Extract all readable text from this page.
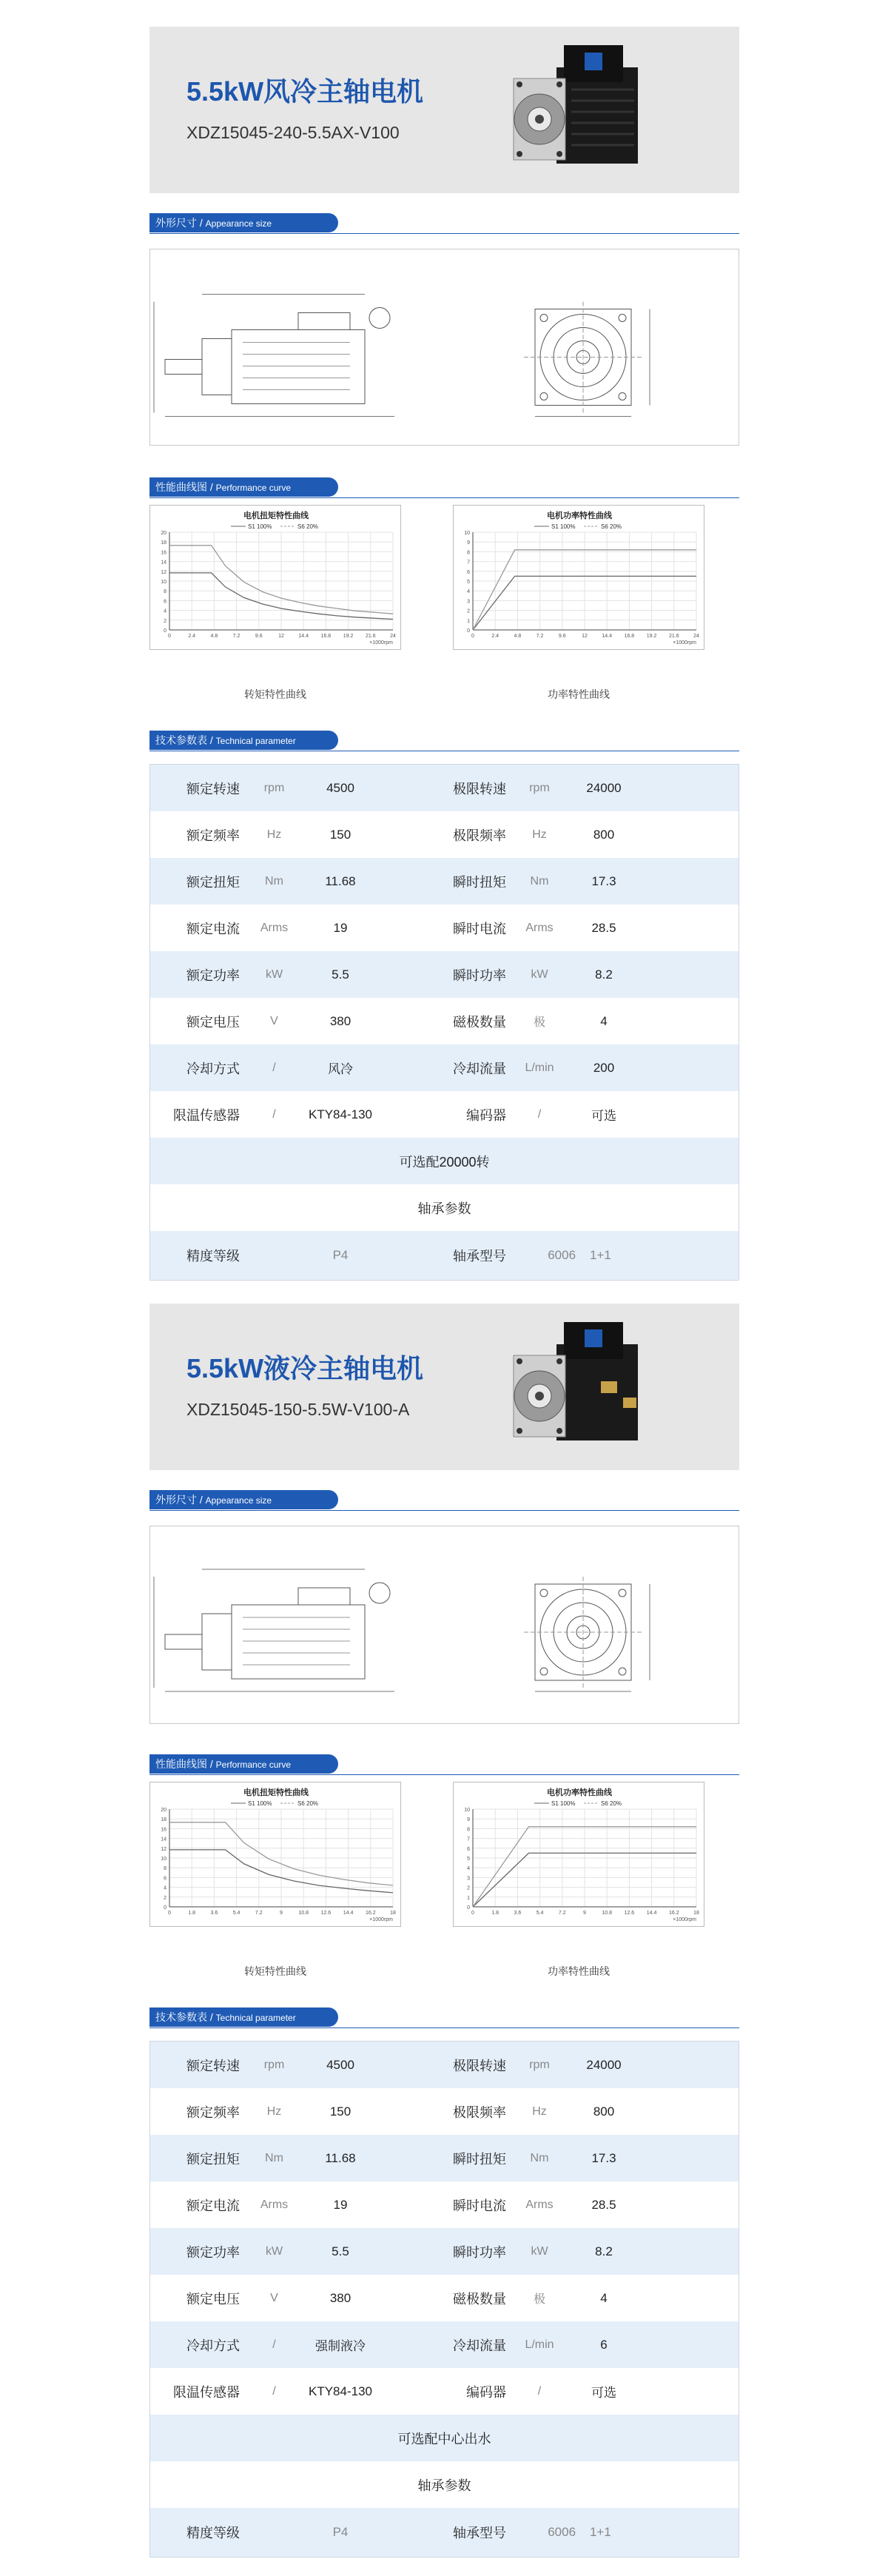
5.5kW风冷主轴电机
XDZ15045-240-5.5AX-V100
外形尺寸 / Appearance size
性能曲线图 / Performance curve
电机扭矩特性曲线
S1 100%	S6 20%
0
2
4
6
8
10
12
14
16
18
20
0	2.4	4.8	7.2	9.6	12	14.4 16.8 19.2 21.6	24
×1000rpm
转矩特性曲线
电机功率特性曲线
S1 100%	S6 20%
0
1
2
3
4
5
6
7
8
9
10
0	2.4	4.8	7.2	9.6	12	14.4 16.8 19.2 21.6	24
×1000rpm
功率特性曲线
技术参数表 / Technical parameter
额定转速	rpm	4500	极限转速	rpm	24000
额定频率	Hz	150	极限频率	Hz	800
额定扭矩	Nm	11.68	瞬时扭矩	Nm	17.3
额定电流	Arms	19	瞬时电流	Arms	28.5
额定功率	kW	5.5	瞬时功率	kW	8.2
额定电压	V	380	磁极数量	极	4
冷却方式	/	风冷	冷却流量	L/min	200
限温传感器	/	KTY84-130	编码器	/	可选
可选配20000转
轴承参数
精度等级	P4	轴承型号	6006 1+1
5.5kW液冷主轴电机
XDZ15045-150-5.5W-V100-A
外形尺寸 / Appearance size
性能曲线图 / Performance curve
电机扭矩特性曲线
S1 100%	S6 20%
0
2
4
6
8
10
12
14
16
18
20
0	1.8	3.6	5.4	7.2	9	10.8 12.6 14.4 16.2	18
×1000rpm
转矩特性曲线
电机功率特性曲线
S1 100%	S6 20%
0
1
2
3
4
5
6
7
8
9
10
0	1.8	3.6	5.4	7.2	9	10.8 12.6 14.4 16.2	18
×1000rpm
功率特性曲线
技术参数表 / Technical parameter
额定转速	rpm	4500	极限转速	rpm	24000
额定频率	Hz	150	极限频率	Hz	800
额定扭矩	Nm	11.68	瞬时扭矩	Nm	17.3
额定电流	Arms	19	瞬时电流	Arms	28.5
额定功率	kW	5.5	瞬时功率	kW	8.2
额定电压	V	380	磁极数量	极	4
冷却方式	/	强制液冷	冷却流量	L/min	6
限温传感器	/	KTY84-130	编码器	/	可选
可选配中心出水
轴承参数
精度等级	P4	轴承型号	6006 1+1
